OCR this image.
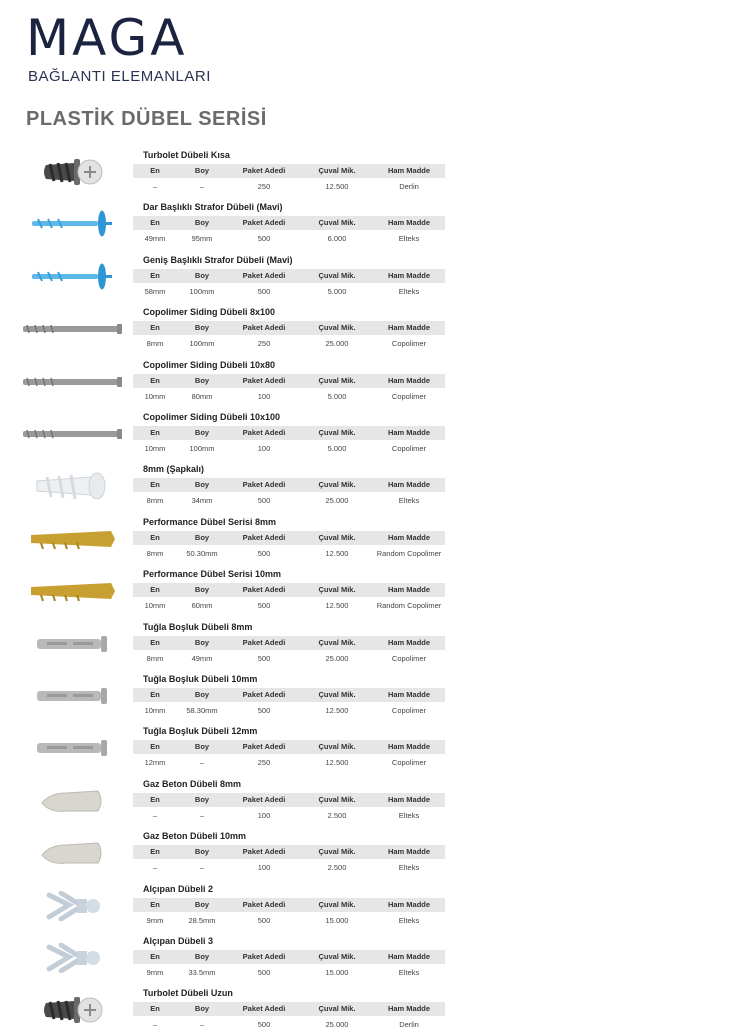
MAGA
BAĞLANTI ELEMANLARI
PLASTİK DÜBEL SERİSİ
Turbolet Dübeli Kısa
En	Boy	Paket Adedi	Çuval Mik.	Ham Madde
–	–	250	12.500	Derlin
Dar Başlıklı Strafor Dübeli (Mavi)
En	Boy	Paket Adedi	Çuval Mik.	Ham Madde
49mm	95mm	500	6.000	Elteks
Geniş Başlıklı Strafor Dübeli (Mavi)
En	Boy	Paket Adedi	Çuval Mik.	Ham Madde
58mm	100mm	500	5.000	Elteks
Copolimer Siding Dübeli 8x100
En	Boy	Paket Adedi	Çuval Mik.	Ham Madde
8mm	100mm	250	25.000	Copolimer
Copolimer Siding Dübeli 10x80
En	Boy	Paket Adedi	Çuval Mik.	Ham Madde
10mm	80mm	100	5.000	Copolimer
Copolimer Siding Dübeli 10x100
En	Boy	Paket Adedi	Çuval Mik.	Ham Madde
10mm	100mm	100	5.000	Copolimer
8mm (Şapkalı)
En	Boy	Paket Adedi	Çuval Mik.	Ham Madde
8mm	34mm	500	25.000	Elteks
Performance Dübel Serisi 8mm
En	Boy	Paket Adedi	Çuval Mik.	Ham Madde
8mm	50.30mm	500	12.500	Random Copolimer
Performance Dübel Serisi 10mm
En	Boy	Paket Adedi	Çuval Mik.	Ham Madde
10mm	60mm	500	12.500	Random Copolimer
Tuğla Boşluk Dübeli 8mm
En	Boy	Paket Adedi	Çuval Mik.	Ham Madde
8mm	49mm	500	25.000	Copolimer
Tuğla Boşluk Dübeli 10mm
En	Boy	Paket Adedi	Çuval Mik.	Ham Madde
10mm	58.30mm	500	12.500	Copolimer
Tuğla Boşluk Dübeli 12mm
En	Boy	Paket Adedi	Çuval Mik.	Ham Madde
12mm	–	250	12.500	Copolimer
Gaz Beton Dübeli 8mm
En	Boy	Paket Adedi	Çuval Mik.	Ham Madde
–	–	100	2.500	Elteks
Gaz Beton Dübeli 10mm
En	Boy	Paket Adedi	Çuval Mik.	Ham Madde
–	–	100	2.500	Elteks
Alçıpan Dübeli 2
En	Boy	Paket Adedi	Çuval Mik.	Ham Madde
9mm	28.5mm	500	15.000	Elteks
Alçıpan Dübeli 3
En	Boy	Paket Adedi	Çuval Mik.	Ham Madde
9mm	33.5mm	500	15.000	Elteks
Turbolet Dübeli Uzun
En	Boy	Paket Adedi	Çuval Mik.	Ham Madde
–	–	500	25.000	Derlin
